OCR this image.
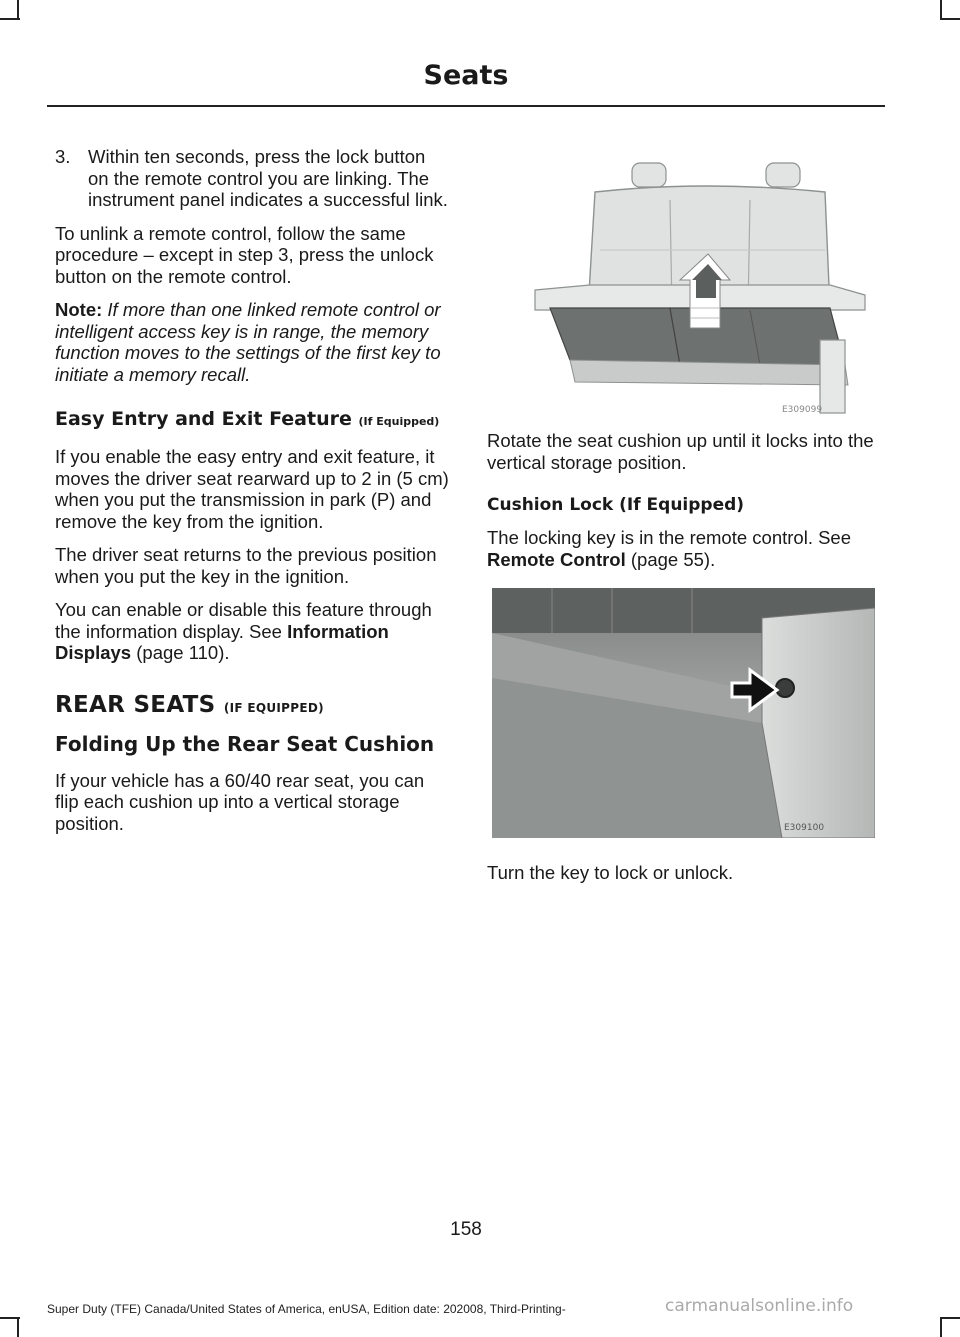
Seats
3. Within ten seconds, press the lock button on the remote control you are linking. The instrument panel indicates a successful link.

To unlink a remote control, follow the same procedure – except in step 3, press the unlock button on the remote control.

Note: If more than one linked remote control or intelligent access key is in range, the memory function moves to the settings of the first key to initiate a memory recall.

Easy Entry and Exit Feature (If Equipped)

If you enable the easy entry and exit feature, it moves the driver seat rearward up to 2 in (5 cm) when you put the transmission in park (P) and remove the key from the ignition.

The driver seat returns to the previous position when you put the key in the ignition.

You can enable or disable this feature through the information display. See Information Displays (page 110).

REAR SEATS (IF EQUIPPED)
Folding Up the Rear Seat Cushion

If your vehicle has a 60/40 rear seat, you can flip each cushion up into a vertical storage position.

E309099
E309100

Rotate the seat cushion up until it locks into the vertical storage position.

Cushion Lock (If Equipped)

The locking key is in the remote control. See Remote Control (page 55).

Turn the key to lock or unlock.

158
Super Duty (TFE) Canada/United States of America, enUSA, Edition date: 202008, Third-Printing-	carmanualsonline.info
